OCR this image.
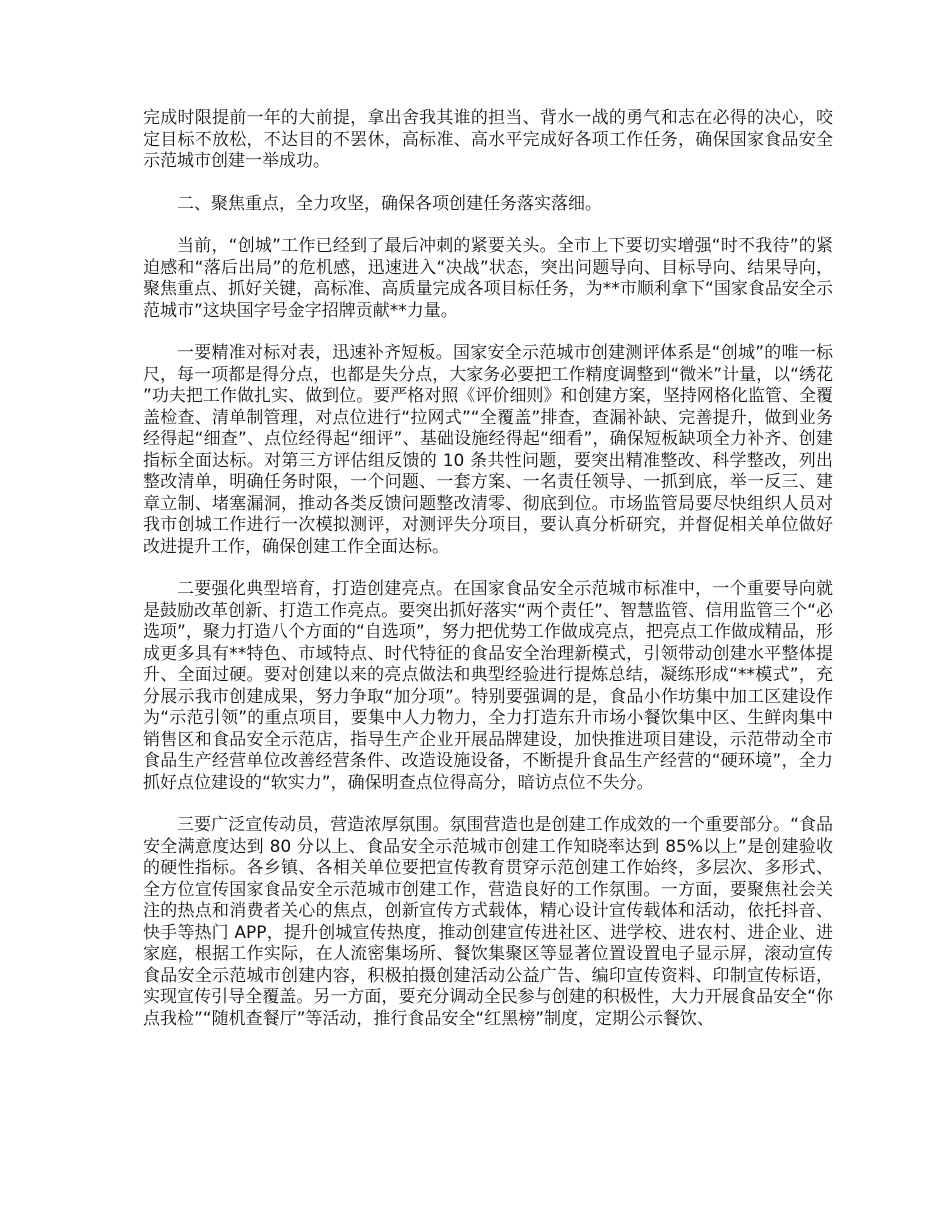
完成时限提前一年的大前提，拿出舍我其谁的担当、背水一战的勇气和志在必得的决心，咬定目标不放松，不达目的不罢休，高标准、高水平完成好各项工作任务，确保国家食品安全示范城市创建一举成功。

二、聚焦重点，全力攻坚，确保各项创建任务落实落细。

当前，“创城”工作已经到了最后冲刺的紧要关头。全市上下要切实增强“时不我待”的紧迫感和“落后出局”的危机感，迅速进入“决战”状态，突出问题导向、目标导向、结果导向，聚焦重点、抓好关键，高标准、高质量完成各项目标任务，为**市顺利拿下“国家食品安全示范城市”这块国字号金字招牌贡献**力量。

一要精准对标对表，迅速补齐短板。国家安全示范城市创建测评体系是“创城”的唯一标尺，每一项都是得分点，也都是失分点，大家务必要把工作精度调整到“微米”计量，以“绣花”功夫把工作做扎实、做到位。要严格对照《评价细则》和创建方案，坚持网格化监管、全覆盖检查、清单制管理，对点位进行“拉网式”“全覆盖”排查，查漏补缺、完善提升，做到业务经得起“细查”、点位经得起“细评”、基础设施经得起“细看”，确保短板缺项全力补齐、创建指标全面达标。对第三方评估组反馈的 10 条共性问题，要突出精准整改、科学整改，列出整改清单，明确任务时限，一个问题、一套方案、一名责任领导、一抓到底，举一反三、建章立制、堵塞漏洞，推动各类反馈问题整改清零、彻底到位。市场监管局要尽快组织人员对我市创城工作进行一次模拟测评，对测评失分项目，要认真分析研究，并督促相关单位做好改进提升工作，确保创建工作全面达标。

二要强化典型培育，打造创建亮点。在国家食品安全示范城市标准中，一个重要导向就是鼓励改革创新、打造工作亮点。要突出抓好落实“两个责任”、智慧监管、信用监管三个“必选项”，聚力打造八个方面的“自选项”，努力把优势工作做成亮点，把亮点工作做成精品，形成更多具有**特色、市域特点、时代特征的食品安全治理新模式，引领带动创建水平整体提升、全面过硬。要对创建以来的亮点做法和典型经验进行提炼总结，凝练形成“**模式”，充分展示我市创建成果，努力争取“加分项”。特别要强调的是，食品小作坊集中加工区建设作为“示范引领”的重点项目，要集中人力物力，全力打造东升市场小餐饮集中区、生鲜肉集中销售区和食品安全示范店，指导生产企业开展品牌建设，加快推进项目建设，示范带动全市食品生产经营单位改善经营条件、改造设施设备，不断提升食品生产经营的“硬环境”，全力抓好点位建设的“软实力”，确保明查点位得高分，暗访点位不失分。

三要广泛宣传动员，营造浓厚氛围。氛围营造也是创建工作成效的一个重要部分。“食品安全满意度达到 80 分以上、食品安全示范城市创建工作知晓率达到 85%以上”是创建验收的硬性指标。各乡镇、各相关单位要把宣传教育贯穿示范创建工作始终，多层次、多形式、全方位宣传国家食品安全示范城市创建工作，营造良好的工作氛围。一方面，要聚焦社会关注的热点和消费者关心的焦点，创新宣传方式载体，精心设计宣传载体和活动，依托抖音、快手等热门 APP，提升创城宣传热度，推动创建宣传进社区、进学校、进农村、进企业、进家庭，根据工作实际，在人流密集场所、餐饮集聚区等显著位置设置电子显示屏，滚动宣传食品安全示范城市创建内容，积极拍摄创建活动公益广告、编印宣传资料、印制宣传标语，实现宣传引导全覆盖。另一方面，要充分调动全民参与创建的积极性，大力开展食品安全“你点我检”“随机查餐厅”等活动，推行食品安全“红黑榜”制度，定期公示餐饮、
